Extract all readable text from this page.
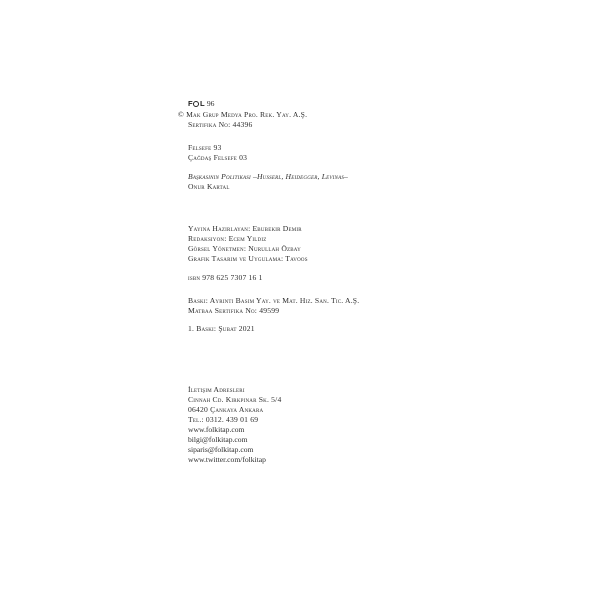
F L 96
© Mak Grup Medya Pro. Rek. Yay. A.Ş.
Sertifika No: 44396
Felsefe 93
Çağdaş Felsefe 03
Başkasının Politikası –Husserl, Heidegger, Levinas–
Onur Kartal
Yayına Hazırlayan: Ebubekir Demir
Redaksiyon: Ecem Yıldız
Görsel Yönetmen: Nurullah Özbay
Grafik Tasarım ve Uygulama: Tavoos
isbn 978 625 7307 16 1
Baskı: Ayrıntı Basım Yay. ve Mat. Hiz. San. Tic. A.Ş.
Matbaa Sertifika No: 49599
1. Baskı: Şubat 2021
İletişim Adresleri
Cinnah Cd. Kırkpınar Sk. 5/4
06420 Çankaya Ankara
Tel.: 0312. 439 01 69
www.folkitap.com
bilgi@folkitap.com
siparis@folkitap.com
www.twitter.com/folkitap
